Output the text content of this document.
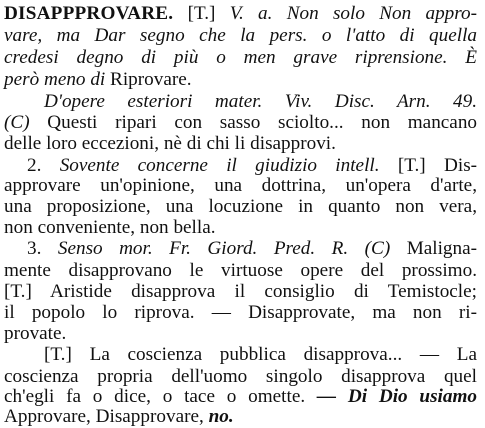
DISAPPPROVARE. [T.] V. a. Non solo Non appro-
vare, ma Dar segno che la pers. o l'atto di quella
credesi degno di più o men grave riprensione. È
però meno di Riprovare.
D'opere esteriori mater. Viv. Disc. Arn. 49.
(C) Questi ripari con sasso sciolto... non mancano
delle loro eccezioni, nè di chi li disapprovi.
2. Sovente concerne il giudizio intell. [T.] Dis-
approvare un'opinione, una dottrina, un'opera d'arte,
una proposizione, una locuzione in quanto non vera,
non conveniente, non bella.
3. Senso mor. Fr. Giord. Pred. R. (C) Maligna-
mente disapprovano le virtuose opere del prossimo.
[T.] Aristide disapprova il consiglio di Temistocle;
il popolo lo riprova. — Disapprovate, ma non ri-
provate.
[T.] La coscienza pubblica disapprova... — La
coscienza propria dell'uomo singolo disapprova quel
ch'egli fa o dice, o tace o omette. — Di Dio usiamo
Approvare, Disapprovare, no.
